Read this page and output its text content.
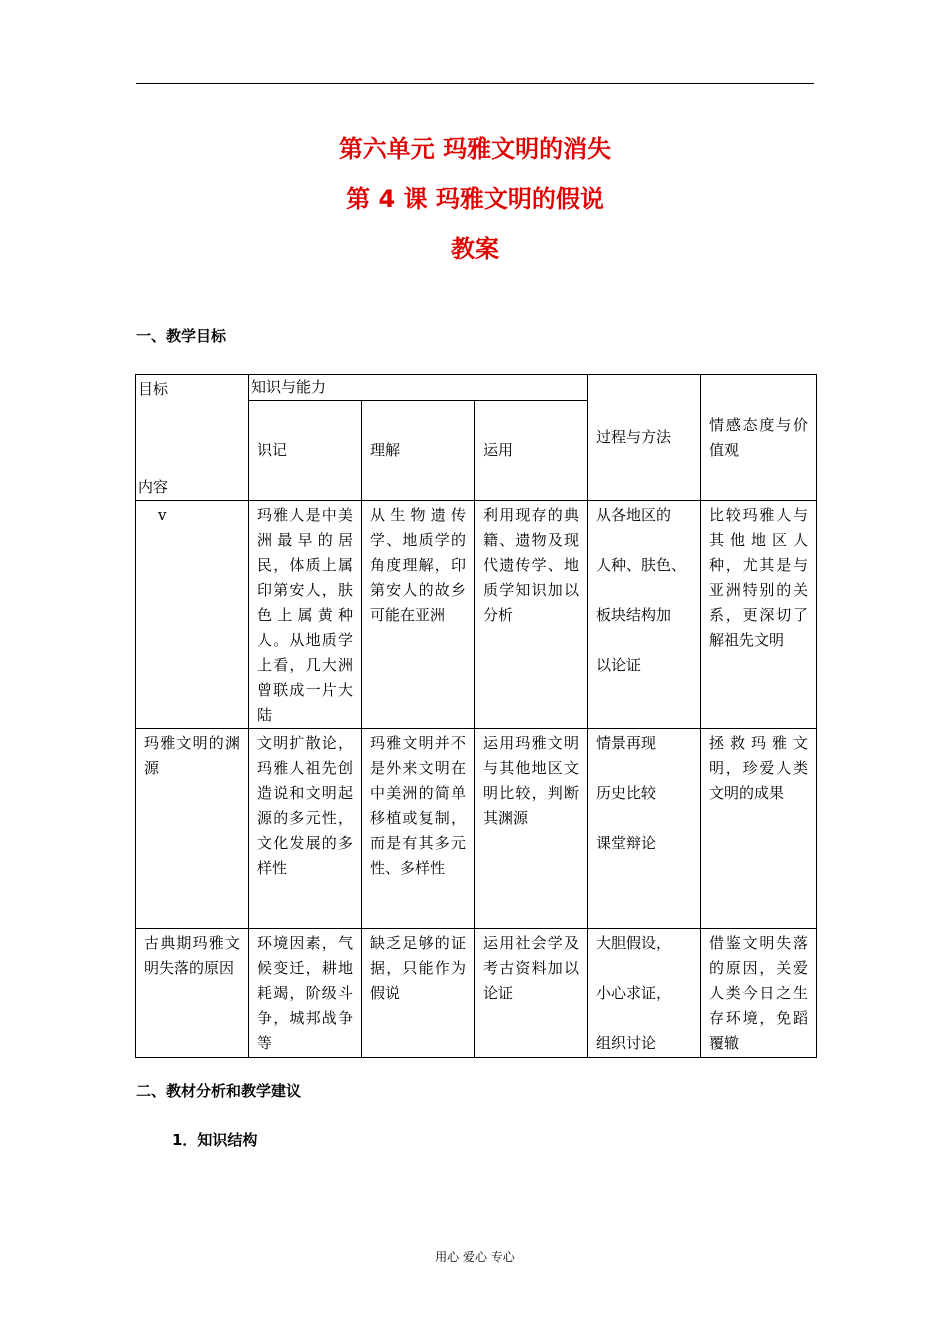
第六单元 玛雅文明的消失
第 4 课 玛雅文明的假说
教案
一、教学目标
目标
内容	知识与能力			过程与方法	情感态度与价值观
	识记	理解	运用		
v	玛雅人是中美洲最早的居民，体质上属印第安人，肤色上属黄种人。从地质学上看，几大洲曾联成一片大陆	从生物遗传学、地质学的角度理解，印第安人的故乡可能在亚洲	利用现存的典籍、遗物及现代遗传学、地质学知识加以分析	从各地区的
人种、肤色、
板块结构加
以论证	比较玛雅人与其他地区人种，尤其是与亚洲特别的关系，更深切了解祖先文明
玛雅文明的渊源	文明扩散论，玛雅人祖先创造说和文明起源的多元性，文化发展的多样性	玛雅文明并不是外来文明在中美洲的简单移植或复制，而是有其多元性、多样性	运用玛雅文明与其他地区文明比较，判断其渊源	情景再现
历史比较
课堂辩论	拯救玛雅文明，珍爱人类文明的成果
古典期玛雅文明失落的原因	环境因素，气候变迁，耕地耗竭，阶级斗争，城邦战争等	缺乏足够的证据，只能作为假说	运用社会学及考古资料加以论证	大胆假设，
小心求证，
组织讨论	借鉴文明失落的原因，关爱人类今日之生存环境，免蹈覆辙
二、教材分析和教学建议
1．知识结构
用心 爱心 专心
